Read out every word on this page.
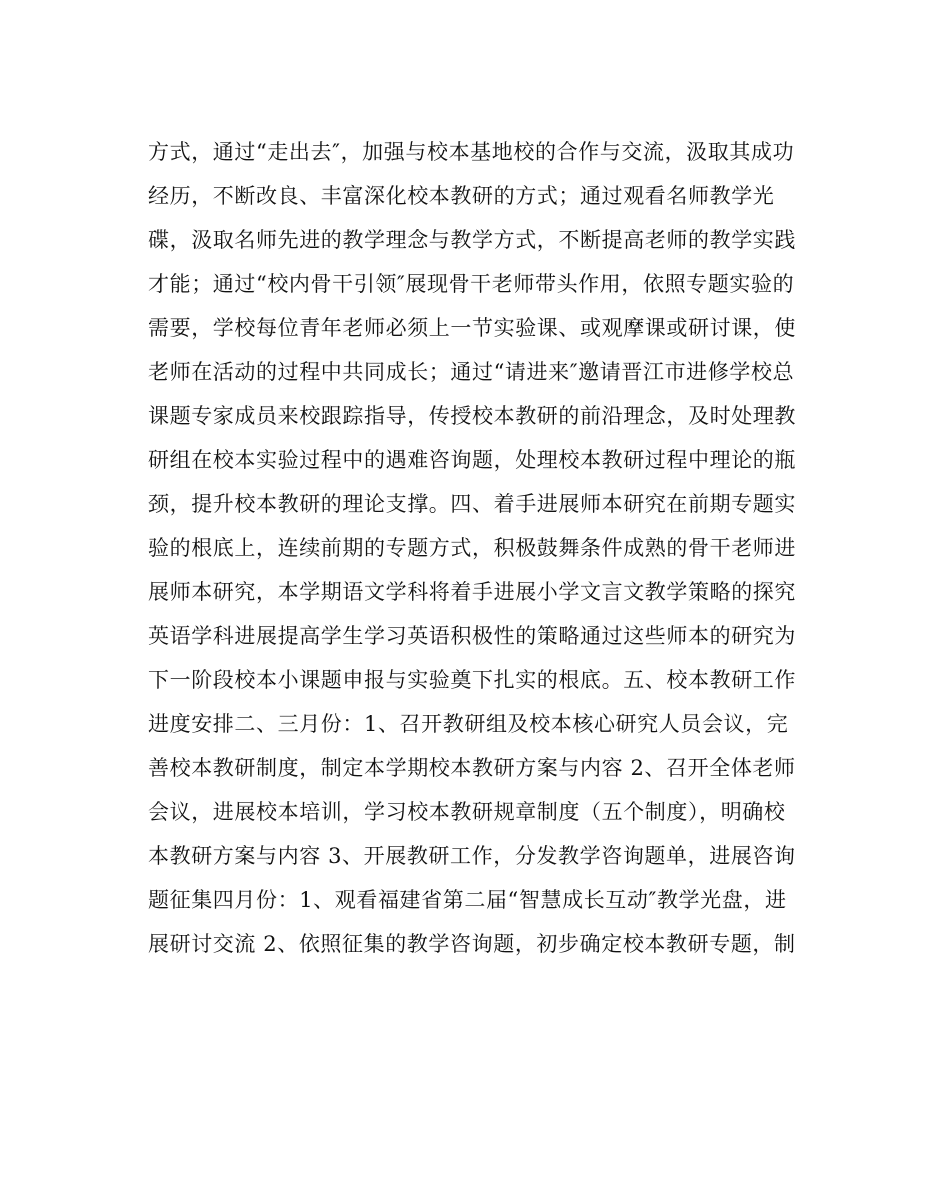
方式，通过“走出去″，加强与校本基地校的合作与交流，汲取其成功
经历，不断改良、丰富深化校本教研的方式；通过观看名师教学光
碟，汲取名师先进的教学理念与教学方式，不断提高老师的教学实践
才能；通过“校内骨干引领″展现骨干老师带头作用，依照专题实验的
需要，学校每位青年老师必须上一节实验课、或观摩课或研讨课，使
老师在活动的过程中共同成长；通过“请进来″邀请晋江市进修学校总
课题专家成员来校跟踪指导，传授校本教研的前沿理念，及时处理教
研组在校本实验过程中的遇难咨询题，处理校本教研过程中理论的瓶
颈，提升校本教研的理论支撑。四、着手进展师本研究在前期专题实
验的根底上，连续前期的专题方式，积极鼓舞条件成熟的骨干老师进
展师本研究，本学期语文学科将着手进展小学文言文教学策略的探究
英语学科进展提高学生学习英语积极性的策略通过这些师本的研究为
下一阶段校本小课题申报与实验奠下扎实的根底。五、校本教研工作
进度安排二、三月份：1、召开教研组及校本核心研究人员会议，完
善校本教研制度，制定本学期校本教研方案与内容 2、召开全体老师
会议，进展校本培训，学习校本教研规章制度（五个制度），明确校
本教研方案与内容 3、开展教研工作，分发教学咨询题单，进展咨询
题征集四月份：1、观看福建省第二届“智慧成长互动″教学光盘，进
展研讨交流 2、依照征集的教学咨询题，初步确定校本教研专题，制
